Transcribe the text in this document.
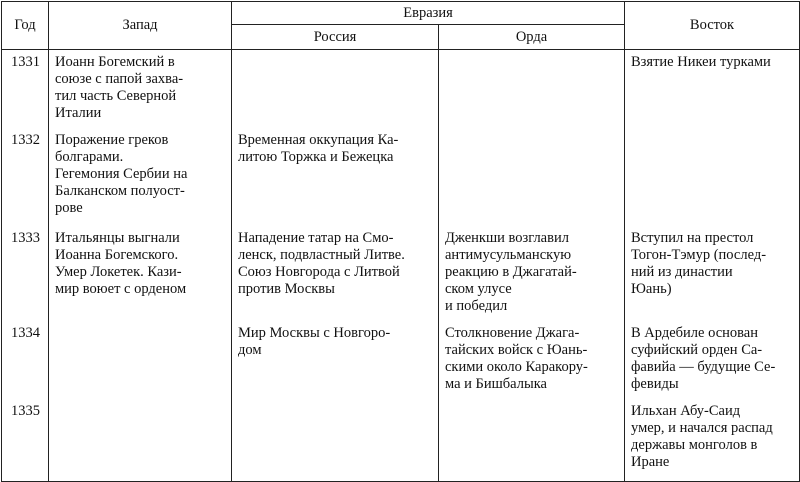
Год	Запад	Евразия		Восток
		Россия	Орда	
1331	Иоанн Богемский в
союзе с папой захва-
тил часть Северной
Италии			Взятие Никеи турками
1332	Поражение греков
болгарами.
Гегемония Сербии на
Балканском полуост-
рове	Временная оккупация Ка-
литою Торжка и Бежецка		
1333	Итальянцы выгнали
Иоанна Богемского.
Умер Локетек. Кази-
мир воюет с орденом	Нападение татар на Смо-
ленск, подвластный Литве.
Союз Новгорода с Литвой
против Москвы	Дженкши возглавил
антимусульманскую
реакцию в Джагатай-
ском улусе
и победил	Вступил на престол
Тогон-Тэмур (послед-
ний из династии
Юань)
1334		Мир Москвы с Новгоро-
дом	Столкновение Джага-
тайских войск с Юань-
скими около Каракору-
ма и Бишбалыка	В Ардебиле основан
суфийский орден Са-
фавийа — будущие Се-
февиды
1335				Ильхан Абу-Саид
умер, и начался распад
державы монголов в
Иране
